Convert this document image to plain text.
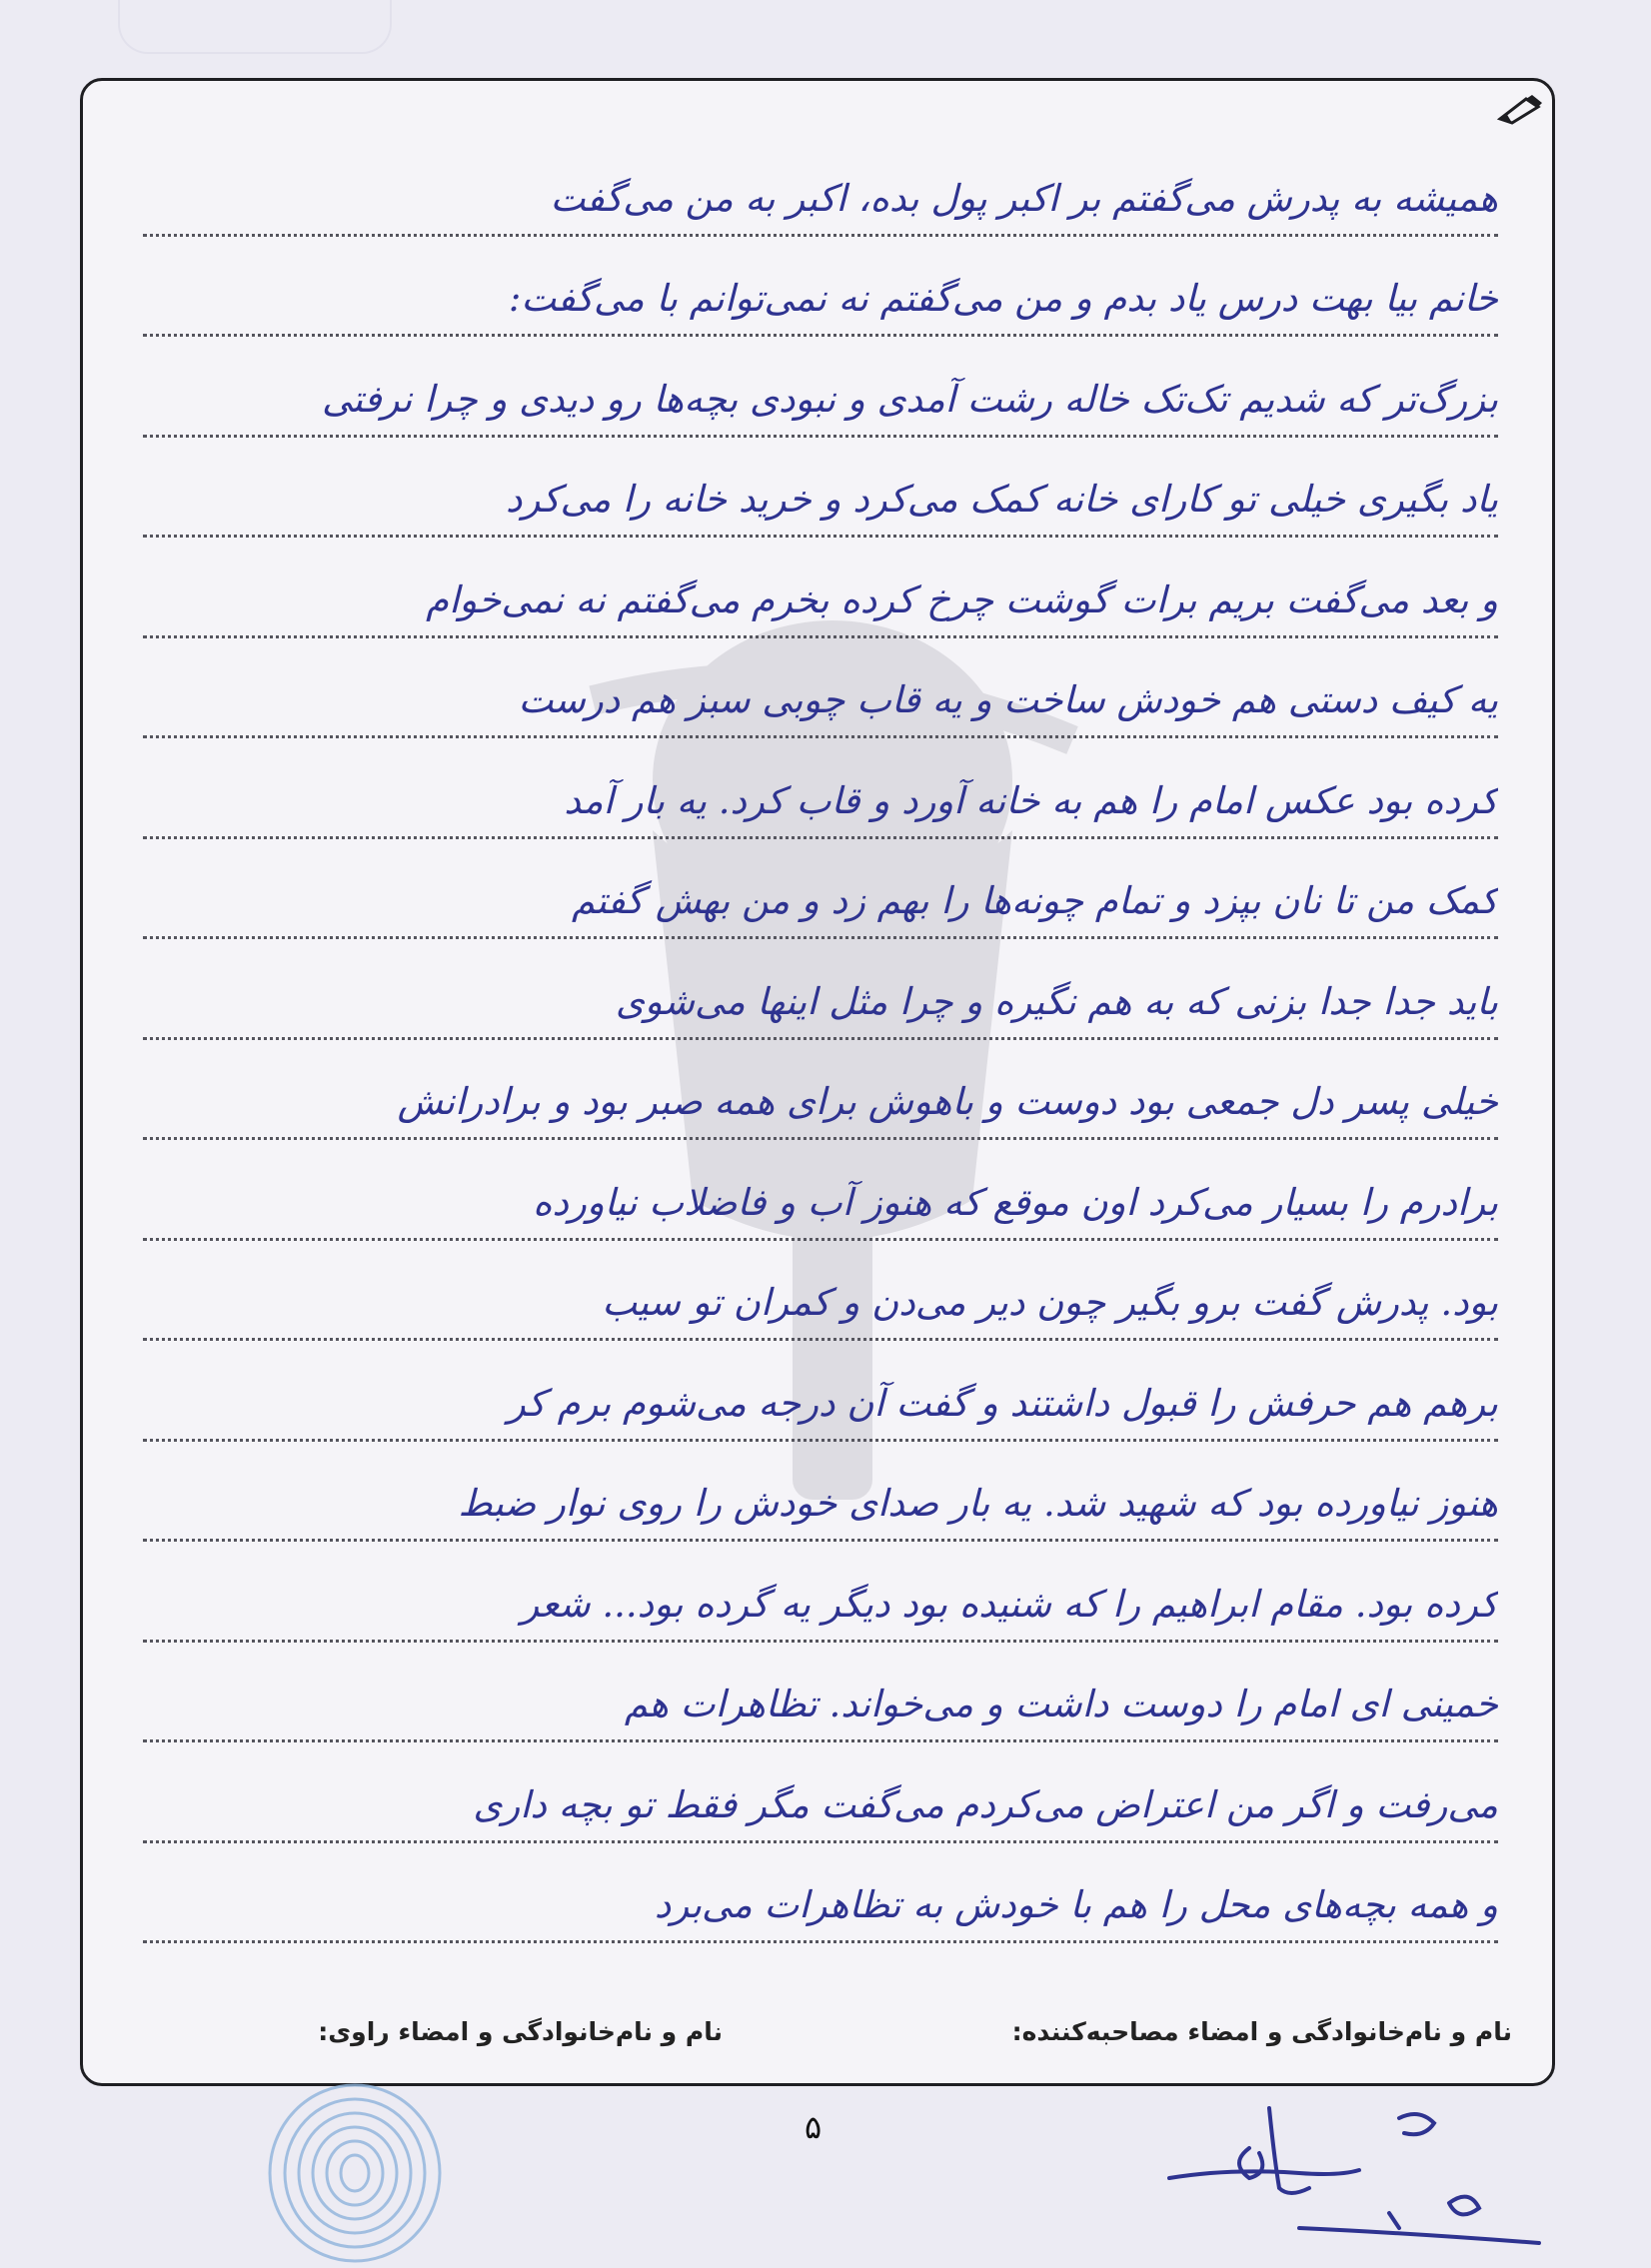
همیشه به پدرش می‌گفتم بر اکبر پول بده، اکبر به من می‌گفت
خانم بیا بهت درس یاد بدم و من می‌گفتم نه نمی‌توانم با می‌گفت:
بزرگ‌تر که شدیم تک‌تک خاله رشت آمدی و نبودی بچه‌ها رو دیدی و چرا نرفتی
یاد بگیری خیلی تو کارای خانه کمک می‌کرد و خرید خانه را می‌کرد
و بعد می‌گفت بریم برات گوشت چرخ کرده بخرم می‌گفتم نه نمی‌خوام
یه کیف دستی هم خودش ساخت و یه قاب چوبی سبز هم درست
کرده بود عکس امام را هم به خانه آورد و قاب کرد. یه بار آمد
کمک من تا نان بپزد و تمام چونه‌ها را بهم زد و من بهش گفتم
باید جدا جدا بزنی که به هم نگیره و چرا مثل اینها می‌شوی
خیلی پسر دل جمعی بود دوست و باهوش برای همه صبر بود و برادرانش
برادرم را بسیار می‌کرد اون موقع که هنوز آب و فاضلاب نیاورده
بود. پدرش گفت برو بگیر چون دیر می‌دن و کمران تو سیب
برهم هم حرفش را قبول داشتند و گفت آن درجه می‌شوم برم کر
هنوز نیاورده بود که شهید شد. یه بار صدای خودش را روی نوار ضبط
کرده بود. مقام ابراهیم را که شنیده بود دیگر یه گرده بود... شعر
خمینی ای امام را دوست داشت و می‌خواند. تظاهرات هم
می‌رفت و اگر من اعتراض می‌کردم می‌گفت مگر فقط تو بچه داری
و همه بچه‌های محل را هم با خودش به تظاهرات می‌برد
نام و نام‌خانوادگی و امضاء مصاحبه‌کننده:
نام و نام‌خانوادگی و امضاء راوی:
۵
